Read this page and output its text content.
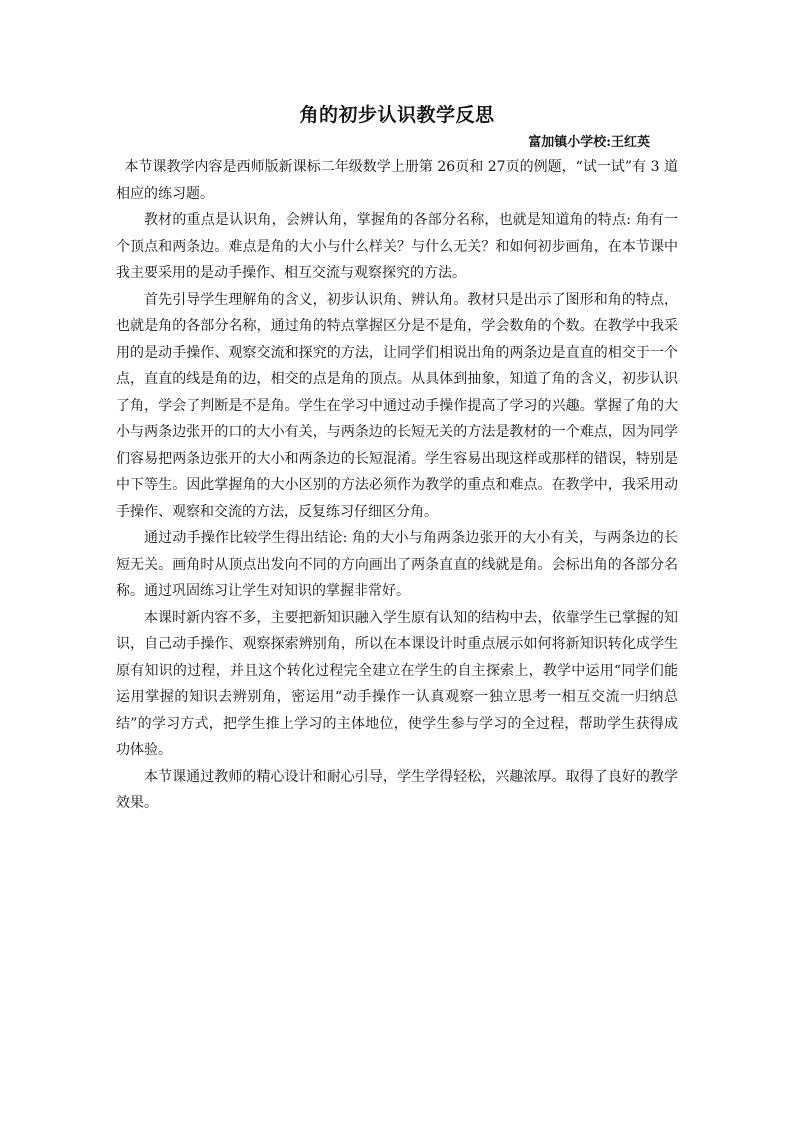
角的初步认识教学反思

富加镇小学校:王红英

本节课教学内容是西师版新课标二年级数学上册第 26页和 27页的例题，“试一试”有 3 道相应的练习题。

教材的重点是认识角，会辨认角，掌握角的各部分名称，也就是知道角的特点: 角有一个顶点和两条边。难点是角的大小与什么样关？与什么无关？和如何初步画角，在本节课中我主要采用的是动手操作、相互交流与观察探究的方法。

首先引导学生理解角的含义，初步认识角、辨认角。教材只是出示了图形和角的特点，也就是角的各部分名称，通过角的特点掌握区分是不是角，学会数角的个数。在教学中我采用的是动手操作、观察交流和探究的方法，让同学们相说出角的两条边是直直的相交于一个点，直直的线是角的边，相交的点是角的顶点。从具体到抽象，知道了角的含义，初步认识了角，学会了判断是不是角。学生在学习中通过动手操作提高了学习的兴趣。掌握了角的大小与两条边张开的口的大小有关，与两条边的长短无关的方法是教材的一个难点，因为同学们容易把两条边张开的大小和两条边的长短混淆。学生容易出现这样或那样的错误，特别是中下等生。因此掌握角的大小区别的方法必须作为教学的重点和难点。在教学中，我采用动手操作、观察和交流的方法，反复练习仔细区分角。

通过动手操作比较学生得出结论: 角的大小与角两条边张开的大小有关，与两条边的长短无关。画角时从顶点出发向不同的方向画出了两条直直的线就是角。会标出角的各部分名称。通过巩固练习让学生对知识的掌握非常好。

本课时新内容不多，主要把新知识融入学生原有认知的结构中去，依靠学生已掌握的知识，自己动手操作、观察探索辨别角，所以在本课设计时重点展示如何将新知识转化成学生原有知识的过程，并且这个转化过程完全建立在学生的自主探索上，教学中运用“同学们能运用掌握的知识去辨别角，密运用“动手操作一认真观察一独立思考一相互交流一归纳总结”的学习方式，把学生推上学习的主体地位，使学生参与学习的全过程，帮助学生获得成功体验。

本节课通过教师的精心设计和耐心引导，学生学得轻松，兴趣浓厚。取得了良好的教学效果。
